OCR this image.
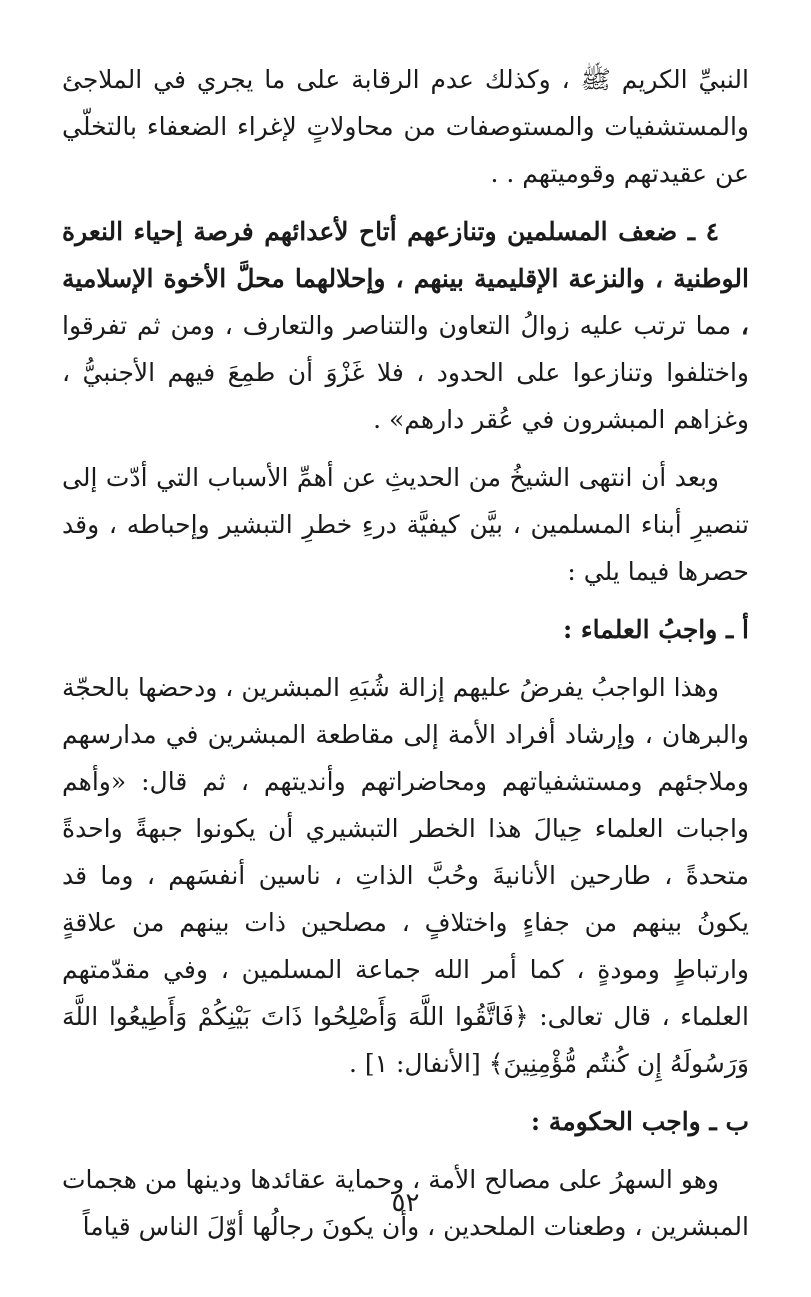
النبيِّ الكريم ﷺ ، وكذلك عدم الرقابة على ما يجري في الملاجئ والمستشفيات والمستوصفات من محاولاتٍ لإغراء الضعفاء بالتخلّي عن عقيدتهم وقوميتهم . .

٤ ـ ضعف المسلمين وتنازعهم أتاح لأعدائهم فرصة إحياء النعرة الوطنية ، والنزعة الإقليمية بينهم ، وإحلالهما محلَّ الأخوة الإسلامية ، مما ترتب عليه زوالُ التعاون والتناصر والتعارف ، ومن ثم تفرقوا واختلفوا وتنازعوا على الحدود ، فلا غَزْوَ أن طمِعَ فيهم الأجنبيُّ ، وغزاهم المبشرون في عُقر دارهم» .

وبعد أن انتهى الشيخُ من الحديثِ عن أهمِّ الأسباب التي أدّت إلى تنصيرِ أبناء المسلمين ، بيَّن كيفيَّة درءِ خطرِ التبشير وإحباطه ، وقد حصرها فيما يلي :

أ ـ واجبُ العلماء :

وهذا الواجبُ يفرضُ عليهم إزالة شُبَهِ المبشرين ، ودحضها بالحجّة والبرهان ، وإرشاد أفراد الأمة إلى مقاطعة المبشرين في مدارسهم وملاجئهم ومستشفياتهم ومحاضراتهم وأنديتهم ، ثم قال: «وأهم واجبات العلماء حِيالَ هذا الخطر التبشيري أن يكونوا جبهةً واحدةً متحدةً ، طارحين الأنانيةَ وحُبَّ الذاتِ ، ناسين أنفسَهم ، وما قد يكونُ بينهم من جفاءٍ واختلافٍ ، مصلحين ذات بينهم من علاقةٍ وارتباطٍ ومودةٍ ، كما أمر الله جماعة المسلمين ، وفي مقدّمتهم العلماء ، قال تعالى: ﴿فَاتَّقُوا اللَّهَ وَأَصْلِحُوا ذَاتَ بَيْنِكُمْ وَأَطِيعُوا اللَّهَ وَرَسُولَهُ إِن كُنتُم مُّؤْمِنِينَ﴾ [الأنفال: ١] .

ب ـ واجب الحكومة :

وهو السهرُ على مصالح الأمة ، وحماية عقائدها ودينها من هجمات المبشرين ، وطعنات الملحدين ، وأن يكونَ رجالُها أوّلَ الناس قياماً

٥٢
